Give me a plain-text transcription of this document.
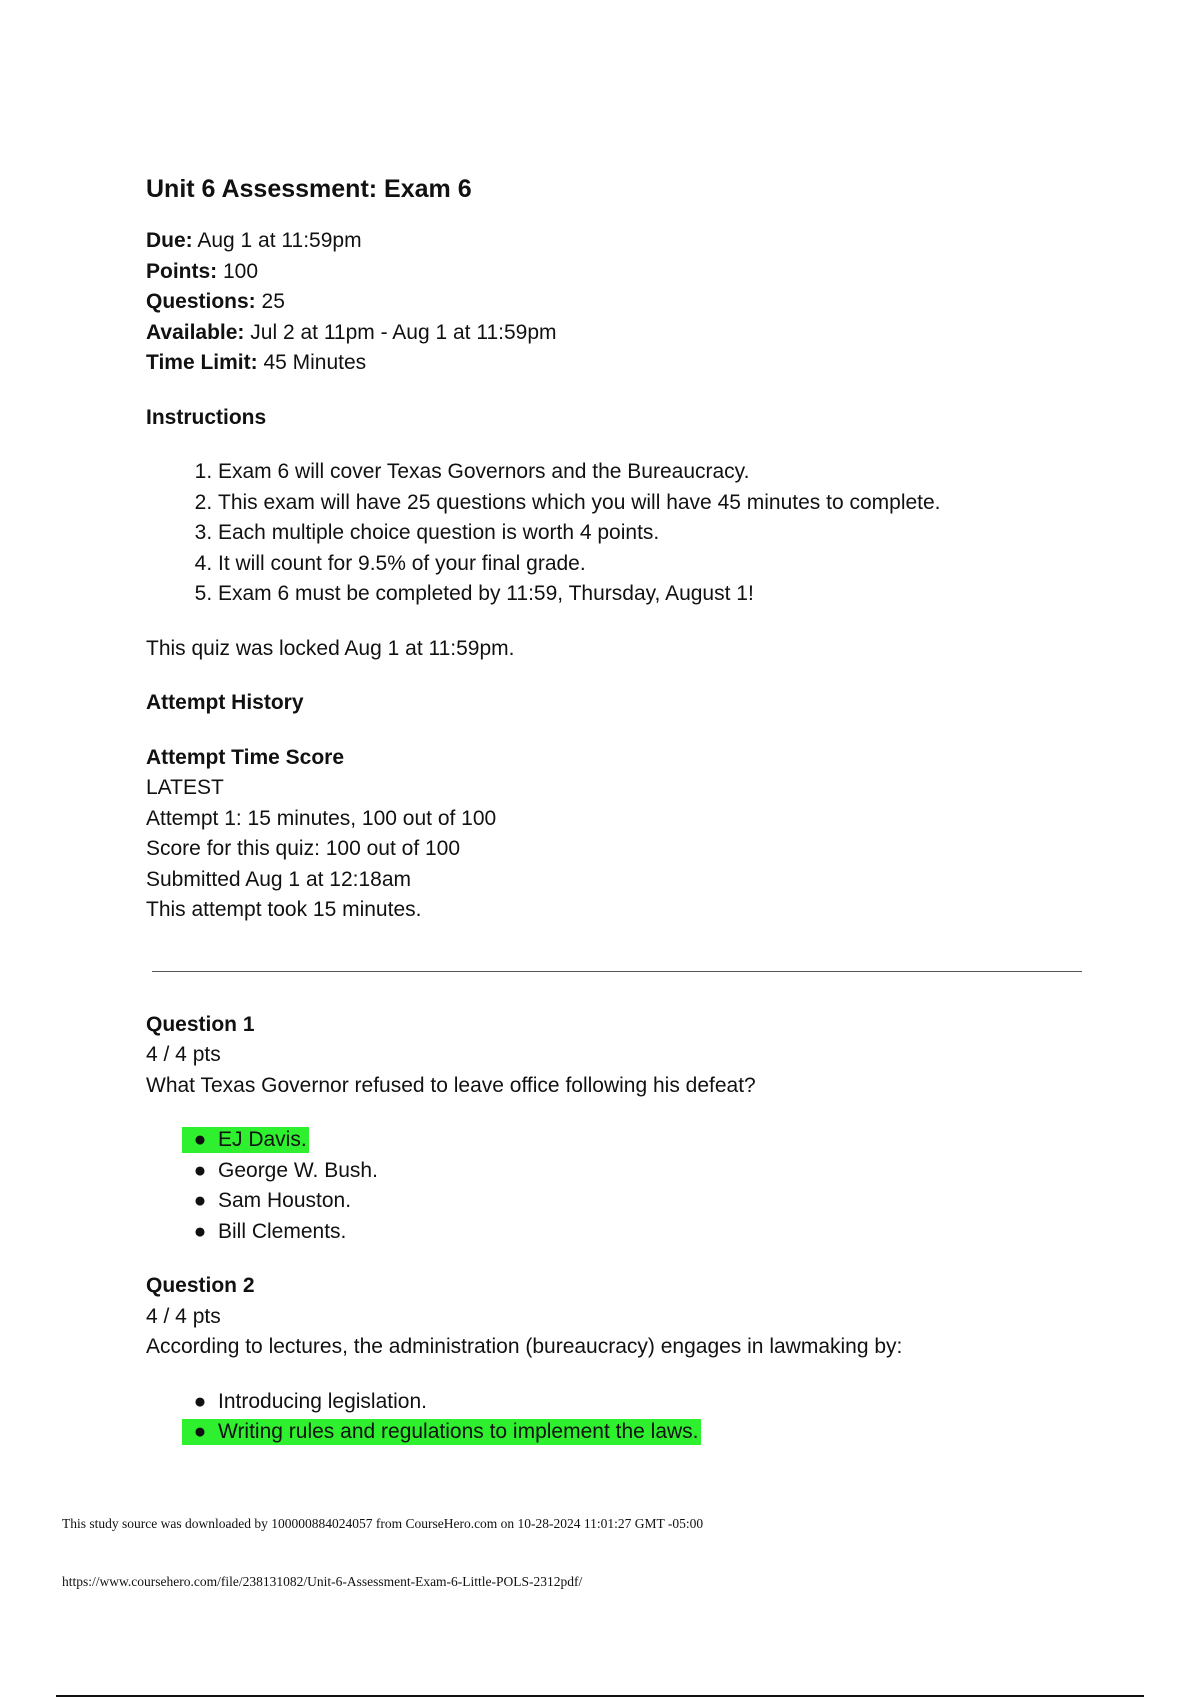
Unit 6 Assessment: Exam 6

Due: Aug 1 at 11:59pm

Points: 100

Questions: 25

Available: Jul 2 at 11pm - Aug 1 at 11:59pm

Time Limit: 45 Minutes

Instructions

1. Exam 6 will cover Texas Governors and the Bureaucracy.
2. This exam will have 25 questions which you will have 45 minutes to complete.
3. Each multiple choice question is worth 4 points.
4. It will count for 9.5% of your final grade.
5. Exam 6 must be completed by 11:59, Thursday, August 1!

This quiz was locked Aug 1 at 11:59pm.

Attempt History

Attempt Time Score

LATEST

Attempt 1: 15 minutes, 100 out of 100

Score for this quiz: 100 out of 100

Submitted Aug 1 at 12:18am

This attempt took 15 minutes.

Question 1

4 / 4 pts

What Texas Governor refused to leave office following his defeat?

● EJ Davis.
● George W. Bush.
● Sam Houston.
● Bill Clements.

Question 2

4 / 4 pts

According to lectures, the administration (bureaucracy) engages in lawmaking by:

● Introducing legislation.
● Writing rules and regulations to implement the laws.
This study source was downloaded by 100000884024057 from CourseHero.com on 10-28-2024 11:01:27 GMT -05:00
https://www.coursehero.com/file/238131082/Unit-6-Assessment-Exam-6-Little-POLS-2312pdf/
